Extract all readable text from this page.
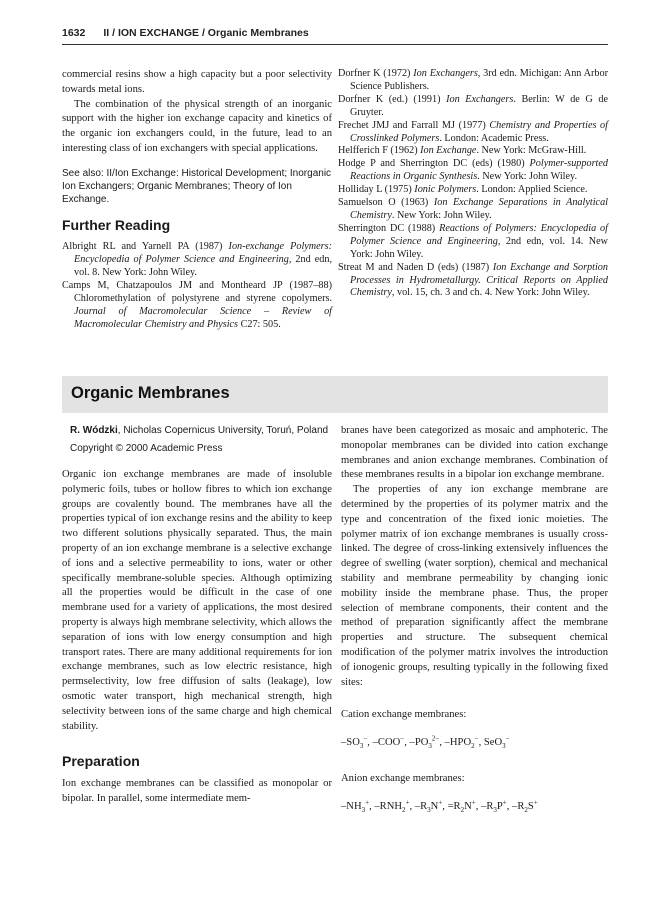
1632 II / ION EXCHANGE / Organic Membranes

commercial resins show a high capacity but a poor selectivity towards metal ions.

The combination of the physical strength of an inorganic support with the higher ion exchange capacity and kinetics of the organic ion exchangers could, in the future, lead to an interesting class of ion exchangers with special applications.

See also: II/Ion Exchange: Historical Development; Inorganic Ion Exchangers; Organic Membranes; Theory of Ion Exchange.

Further Reading

Albright RL and Yarnell PA (1987) Ion-exchange Polymers: Encyclopedia of Polymer Science and Engineering, 2nd edn, vol. 8. New York: John Wiley.

Camps M, Chatzapoulos JM and Montheard JP (1987–88) Chloromethylation of polystyrene and styrene copolymers. Journal of Macromolecular Science – Review of Macromolecular Chemistry and Physics C27: 505.

Dorfner K (1972) Ion Exchangers, 3rd edn. Michigan: Ann Arbor Science Publishers.

Dorfner K (ed.) (1991) Ion Exchangers. Berlin: W de G de Gruyter.

Frechet JMJ and Farrall MJ (1977) Chemistry and Properties of Crosslinked Polymers. London: Academic Press.

Helfferich F (1962) Ion Exchange. New York: McGraw-Hill.

Hodge P and Sherrington DC (eds) (1980) Polymer-supported Reactions in Organic Synthesis. New York: John Wiley.

Holliday L (1975) Ionic Polymers. London: Applied Science.

Samuelson O (1963) Ion Exchange Separations in Analytical Chemistry. New York: John Wiley.

Sherrington DC (1988) Reactions of Polymers: Encyclopedia of Polymer Science and Engineering, 2nd edn, vol. 14. New York: John Wiley.

Streat M and Naden D (eds) (1987) Ion Exchange and Sorption Processes in Hydrometallurgy. Critical Reports on Applied Chemistry, vol. 15, ch. 3 and ch. 4. New York: John Wiley.

Organic Membranes
R. Wódzki, Nicholas Copernicus University, Toruń, Poland
Copyright © 2000 Academic Press

Organic ion exchange membranes are made of insoluble polymeric foils, tubes or hollow fibres to which ion exchange groups are covalently bound. The membranes have all the properties typical of ion exchange resins and the ability to keep two different solutions physically separated. Thus, the main property of an ion exchange membrane is a selective exchange of ions and a selective permeability to ions, water or other specifically membrane-soluble species. Although optimizing all the properties would be difficult in the case of one membrane used for a variety of applications, the most desired property is always high membrane selectivity, which allows the separation of ions with low energy consumption and high transport rates. There are many additional requirements for ion exchange membranes, such as low electric resistance, high permselectivity, low free diffusion of salts (leakage), low osmotic water transport, high mechanical strength, high selectivity between ions of the same charge and high chemical stability.

Preparation

Ion exchange membranes can be classified as monopolar or bipolar. In parallel, some intermediate mem-

branes have been categorized as mosaic and amphoteric. The monopolar membranes can be divided into cation exchange membranes and anion exchange membranes. Combination of these membranes results in a bipolar ion exchange membrane.

The properties of any ion exchange membrane are determined by the properties of its polymer matrix and the type and concentration of the fixed ionic moieties. The polymer matrix of ion exchange membranes is usually cross-linked. The degree of cross-linking extensively influences the degree of swelling (water sorption), chemical and mechanical stability and membrane permeability by changing ionic mobility inside the membrane phase. Thus, the proper selection of membrane components, their content and the method of preparation significantly affect the membrane properties and structure. The subsequent chemical modification of the polymer matrix involves the introduction of ionogenic groups, resulting typically in the following fixed sites:

Cation exchange membranes:

$-SO_3^-$, –COO−, $-PO_3^{2-}$, $-HPO_2^-$, SeO$_3$−

Anion exchange membranes:

$-NH_3^+$, $-RNH_2^+$, $-R_3N^+$, $=R_2N^+$, $-R_3P^+$, $-R_2S^+$
